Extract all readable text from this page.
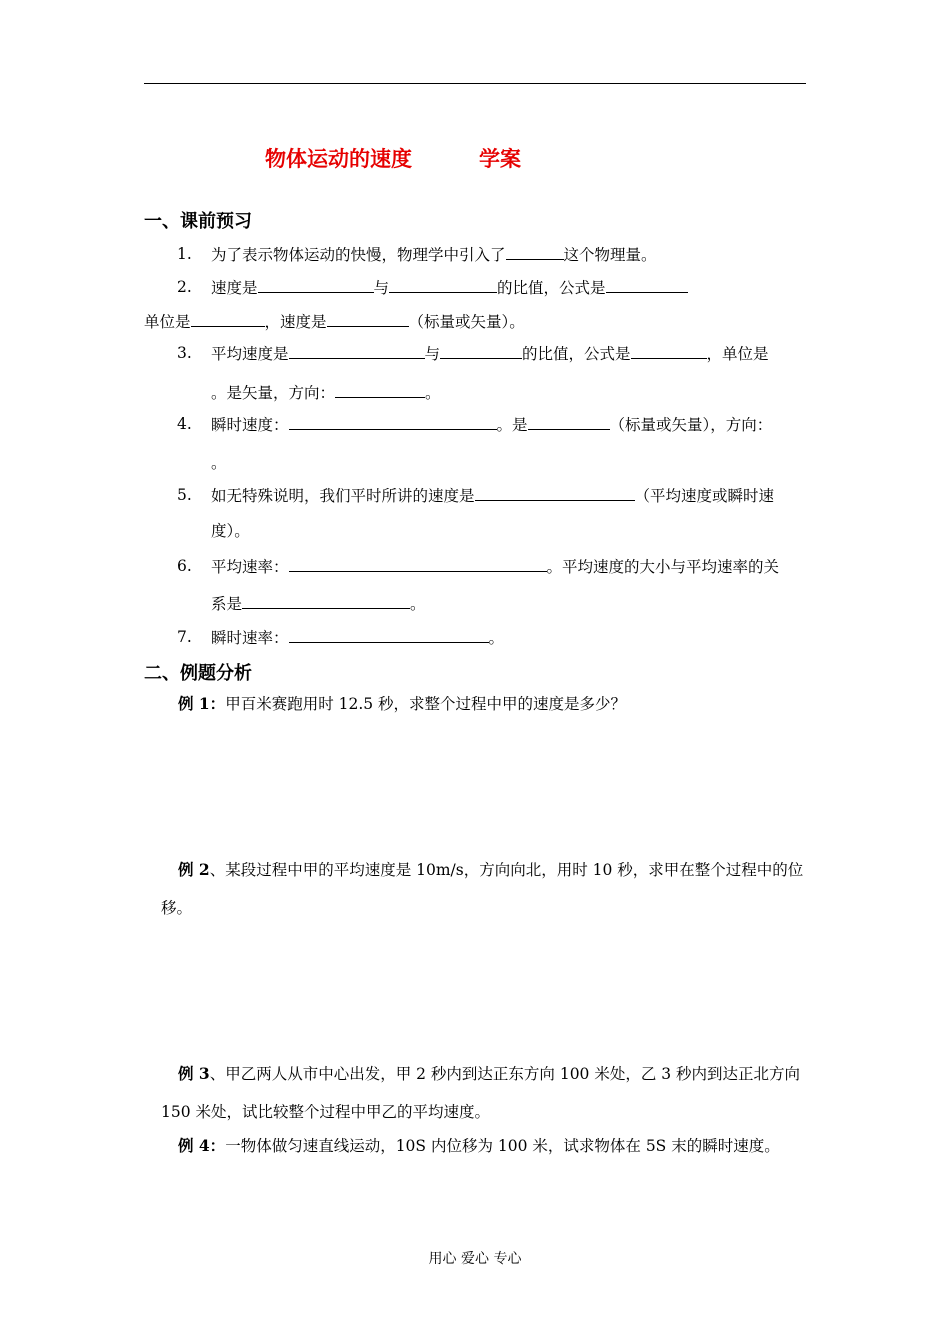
物体运动的速度	学案
一、课前预习
1. 为了表示物体运动的快慢，物理学中引入了	这个物理量。
2. 速度是	与	的比值，公式是
单位是	，速度是	（标量或矢量）。
3. 平均速度是	与	的比值，公式是	，单位是
。是矢量，方向：	。
4. 瞬时速度：	。是	（标量或矢量），方向：
。
5. 如无特殊说明，我们平时所讲的速度是	（平均速度或瞬时速
度）。
6. 平均速率：	。平均速度的大小与平均速率的关
系是	。
7. 瞬时速率：	。
二、例题分析
例 1：甲百米赛跑用时 12.5 秒，求整个过程中甲的速度是多少？
例 2、某段过程中甲的平均速度是 10m/s，方向向北，用时 10 秒，求甲在整个过程中的位
移。
例 3、甲乙两人从市中心出发，甲 2 秒内到达正东方向 100 米处，乙 3 秒内到达正北方向
150 米处，试比较整个过程中甲乙的平均速度。
例 4：一物体做匀速直线运动，10S 内位移为 100 米，试求物体在 5S 末的瞬时速度。
用心 爱心 专心
